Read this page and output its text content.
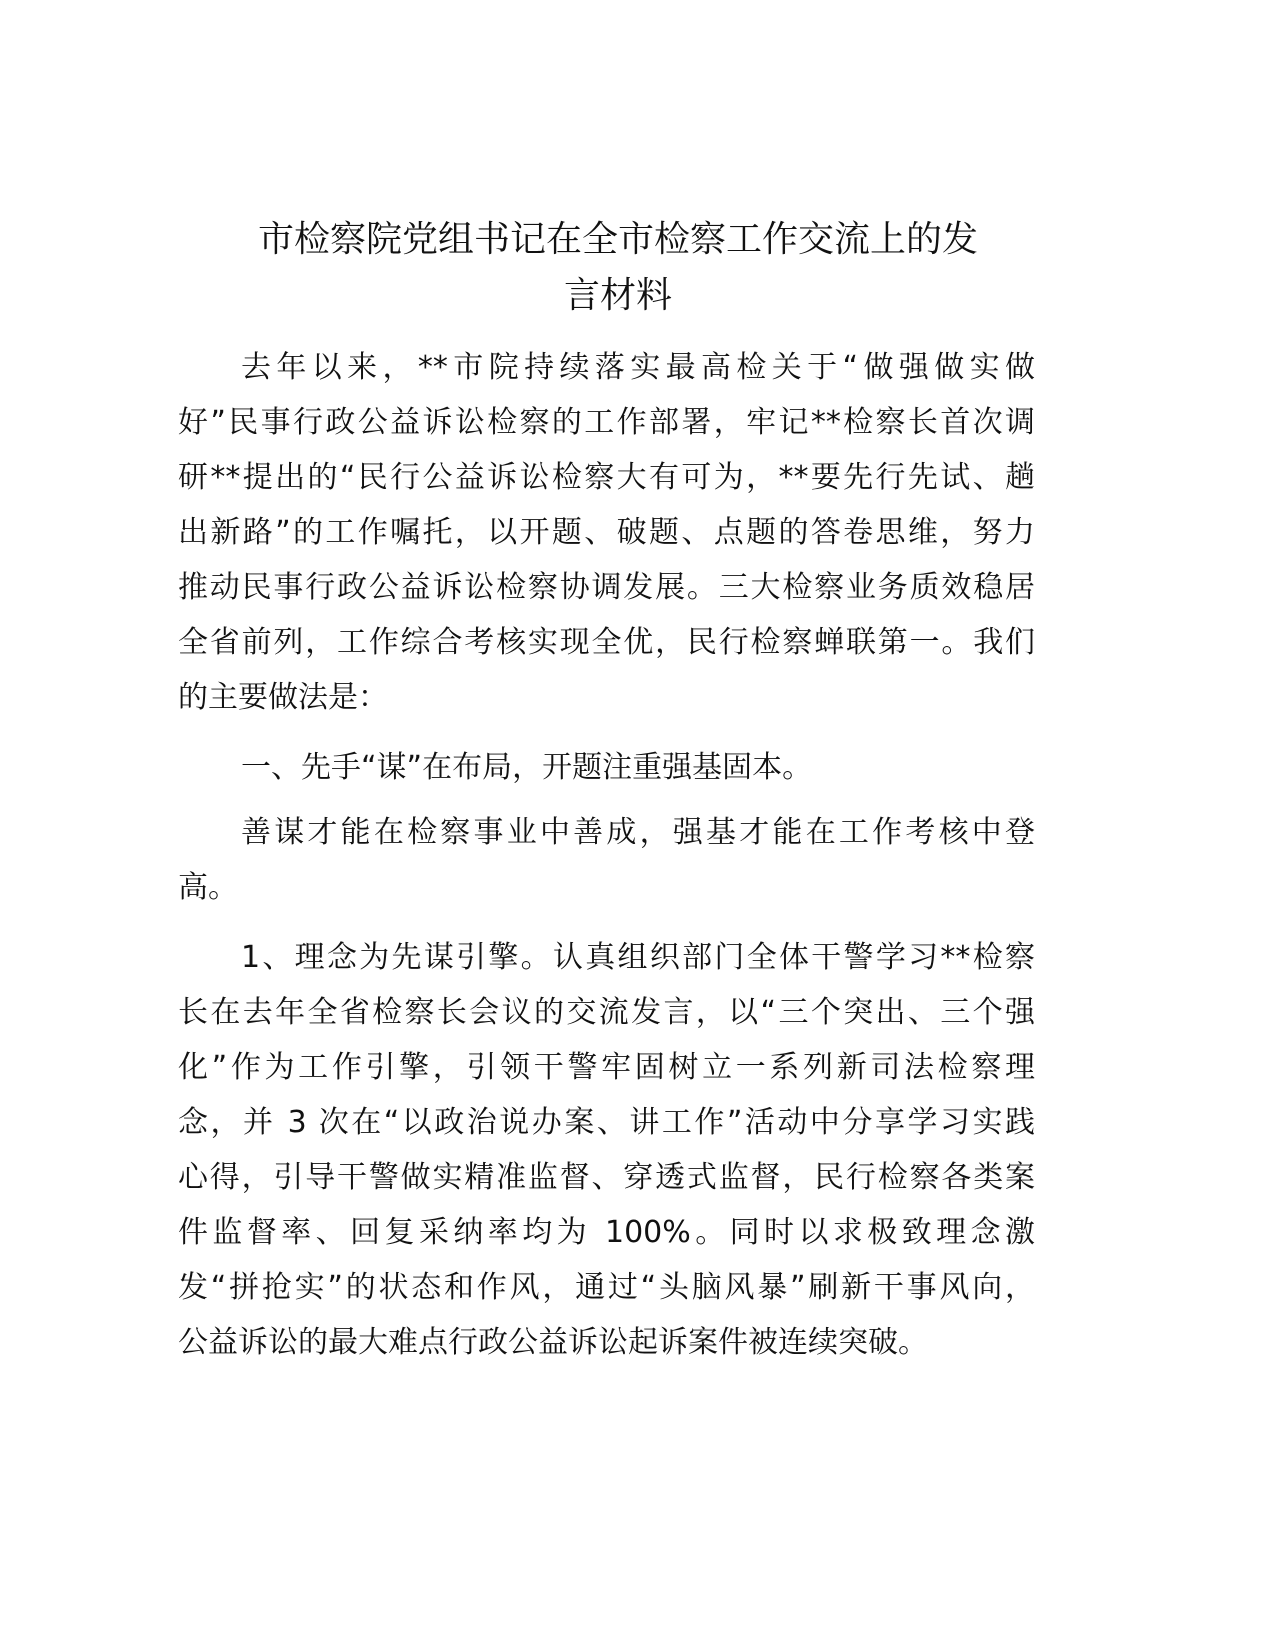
市检察院党组书记在全市检察工作交流上的发
言材料
去年以来，**市院持续落实最高检关于“做强做实做
好”民事行政公益诉讼检察的工作部署，牢记**检察长首次调
研**提出的“民行公益诉讼检察大有可为，**要先行先试、趟
出新路”的工作嘱托，以开题、破题、点题的答卷思维，努力
推动民事行政公益诉讼检察协调发展。三大检察业务质效稳居
全省前列，工作综合考核实现全优，民行检察蝉联第一。我们
的主要做法是：
一、先手“谋”在布局，开题注重强基固本。
善谋才能在检察事业中善成，强基才能在工作考核中登
高。
1、理念为先谋引擎。认真组织部门全体干警学习**检察
长在去年全省检察长会议的交流发言，以“三个突出、三个强
化”作为工作引擎，引领干警牢固树立一系列新司法检察理
念，并 3 次在“以政治说办案、讲工作”活动中分享学习实践
心得，引导干警做实精准监督、穿透式监督，民行检察各类案
件监督率、回复采纳率均为 100%。同时以求极致理念激
发“拼抢实”的状态和作风，通过“头脑风暴”刷新干事风向，
公益诉讼的最大难点行政公益诉讼起诉案件被连续突破。
